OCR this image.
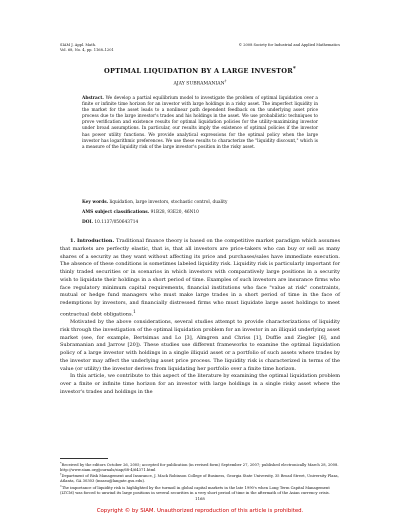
SIAM J. Appl. Math.
Vol. 68, No. 4, pp. 1168–1201
© 2008 Society for Industrial and Applied Mathematics
OPTIMAL LIQUIDATION BY A LARGE INVESTOR*
AJAY SUBRAMANIAN†
Abstract. We develop a partial equilibrium model to investigate the problem of optimal liquidation over a finite or infinite time horizon for an investor with large holdings in a risky asset. The imperfect liquidity in the market for the asset leads to a nonlinear path dependent feedback on the underlying asset price process due to the large investor's trades and his holdings in the asset. We use probabilistic techniques to prove verification and existence results for optimal liquidation policies for the utility-maximizing investor under broad assumptions. In particular, our results imply the existence of optimal policies if the investor has power utility functions. We provide analytical expressions for the optimal policy when the large investor has logarithmic preferences. We use these results to characterize the "liquidity discount," which is a measure of the liquidity risk of the large investor's position in the risky asset.
Key words. liquidation, large investors, stochastic control, duality
AMS subject classifications. 91B28, 93E20, 46N10
DOI. 10.1137/050643714

1. Introduction. Traditional finance theory is based on the competitive market paradigm which assumes that markets are perfectly elastic, that is, that all investors are price-takers who can buy or sell as many shares of a security as they want without affecting its price and purchases/sales have immediate execution. The absence of these conditions is sometimes labeled liquidity risk. Liquidity risk is particularly important for thinly traded securities or in scenarios in which investors with comparatively large positions in a security wish to liquidate their holdings in a short period of time. Examples of such investors are insurance firms who face regulatory minimum capital requirements, financial institutions who face "value at risk" constraints, mutual or hedge fund managers who must make large trades in a short period of time in the face of redemptions by investors, and financially distressed firms who must liquidate large asset holdings to meet contractual debt obligations.$^1$

Motivated by the above considerations, several studies attempt to provide characterizations of liquidity risk through the investigation of the optimal liquidation problem for an investor in an illiquid underlying asset market (see, for example, Bertsimas and Lo [3], Almgren and Chriss [1], Duffie and Ziegler [6], and Subramanian and Jarrow [20]). These studies use different frameworks to examine the optimal liquidation policy of a large investor with holdings in a single illiquid asset or a portfolio of such assets where trades by the investor may affect the underlying asset price process. The liquidity risk is characterized in terms of the value (or utility) the investor derives from liquidating her portfolio over a finite time horizon.

In this article, we contribute to this aspect of the literature by examining the optimal liquidation problem over a finite or infinite time horizon for an investor with large holdings in a single risky asset where the investor's trades and holdings in the

*Received by the editors October 26, 2005; accepted for publication (in revised form) September 27, 2007; published electronically March 28, 2008.
http://www.siam.org/journals/siap/68-4/64371.html
†Department of Risk Management and Insurance, J. Mack Robinson College of Business, Georgia State University, 35 Broad Street, University Plaza, Atlanta, GA 30303 (insasu@langate.gsu.edu).
$^1$The importance of liquidity risk is highlighted by the turmoil in global capital markets in the late 1990's when Long Term Capital Management (LTCM) was forced to unwind its large positions in several securities in a very short period of time in the aftermath of the Asian currency crisis.
1168
Copyright © by SIAM. Unauthorized reproduction of this article is prohibited.
